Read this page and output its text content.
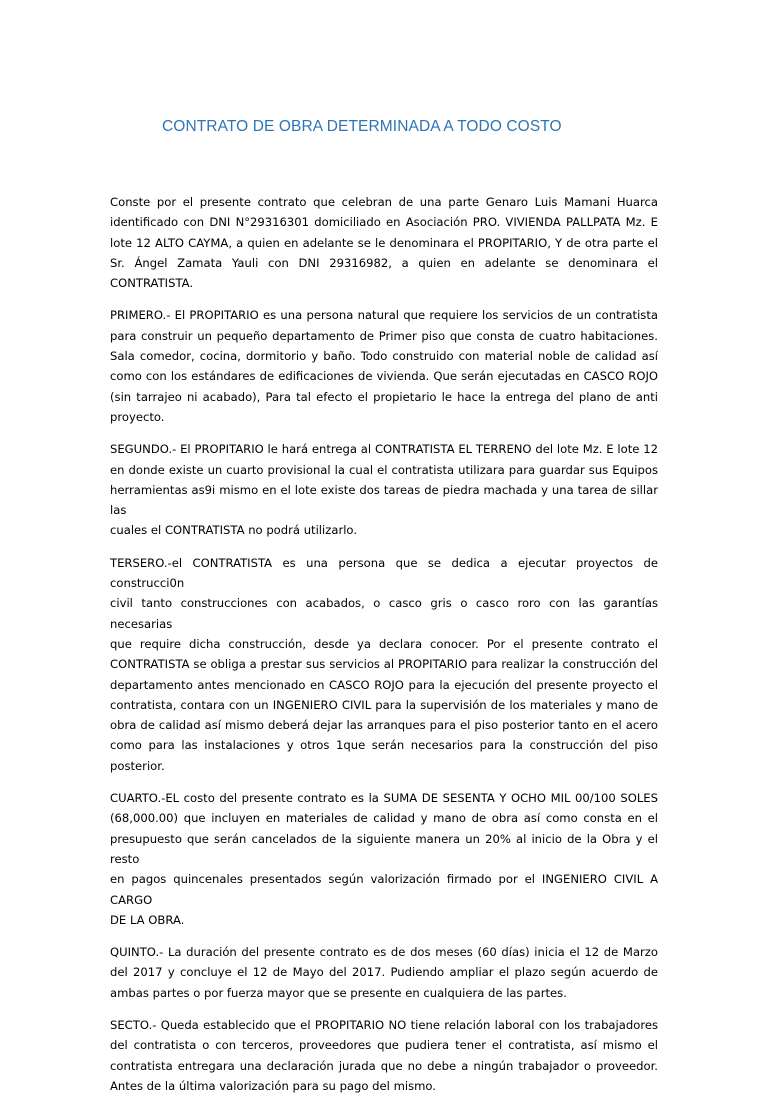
CONTRATO DE OBRA DETERMINADA A TODO COSTO
Conste por el presente contrato que celebran de una parte Genaro Luis Mamani Huarca
identificado con DNI N°29316301 domiciliado en Asociación PRO. VIVIENDA PALLPATA Mz. E
lote 12 ALTO CAYMA, a quien en adelante se le denominara el PROPITARIO, Y de otra parte el
Sr. Ángel Zamata Yauli con DNI 29316982, a quien en adelante se denominara el CONTRATISTA.
PRIMERO.- El PROPITARIO es una persona natural que requiere los servicios de un contratista
para construir un pequeño departamento de Primer piso que consta de cuatro habitaciones.
Sala comedor, cocina, dormitorio y baño. Todo construido con material noble de calidad así
como con los estándares de edificaciones de vivienda. Que serán ejecutadas en CASCO ROJO
(sin tarrajeo ni acabado), Para tal efecto el propietario le hace la entrega del plano de anti
proyecto.
SEGUNDO.- El PROPITARIO le hará entrega al CONTRATISTA EL TERRENO del lote Mz. E lote 12
en donde existe un cuarto provisional la cual el contratista utilizara para guardar sus Equipos
herramientas as9i mismo en el lote existe dos tareas de piedra machada y una tarea de sillar las
cuales el CONTRATISTA no podrá utilizarlo.
TERSERO.-el CONTRATISTA es una persona que se dedica a ejecutar proyectos de construcci0n
civil tanto construcciones con acabados, o casco gris o casco roro con las garantías necesarias
que require dicha construcción, desde ya declara conocer. Por el presente contrato el
CONTRATISTA se obliga a prestar sus servicios al PROPITARIO para realizar la construcción del
departamento antes mencionado en CASCO ROJO para la ejecución del presente proyecto el
contratista, contara con un INGENIERO CIVIL para la supervisión de los materiales y mano de
obra de calidad así mismo deberá dejar las arranques para el piso posterior tanto en el acero
como para las instalaciones y otros 1que serán necesarios para la construcción del piso
posterior.
CUARTO.-EL costo del presente contrato es la SUMA DE SESENTA Y OCHO MIL 00/100 SOLES
(68,000.00) que incluyen en materiales de calidad y mano de obra así como consta en el
presupuesto que serán cancelados de la siguiente manera un 20% al inicio de la Obra y el resto
en pagos quincenales presentados según valorización firmado por el INGENIERO CIVIL A CARGO
DE LA OBRA.
QUINTO.- La duración del presente contrato es de dos meses (60 días) inicia el 12 de Marzo
del 2017 y concluye el 12 de Mayo del 2017. Pudiendo ampliar el plazo según acuerdo de
ambas partes o por fuerza mayor que se presente en cualquiera de las partes.
SECTO.- Queda establecido que el PROPITARIO NO tiene relación laboral con los trabajadores
del contratista o con terceros, proveedores que pudiera tener el contratista, así mismo el
contratista entregara una declaración jurada que no debe a ningún trabajador o proveedor.
Antes de la última valorización para su pago del mismo.
